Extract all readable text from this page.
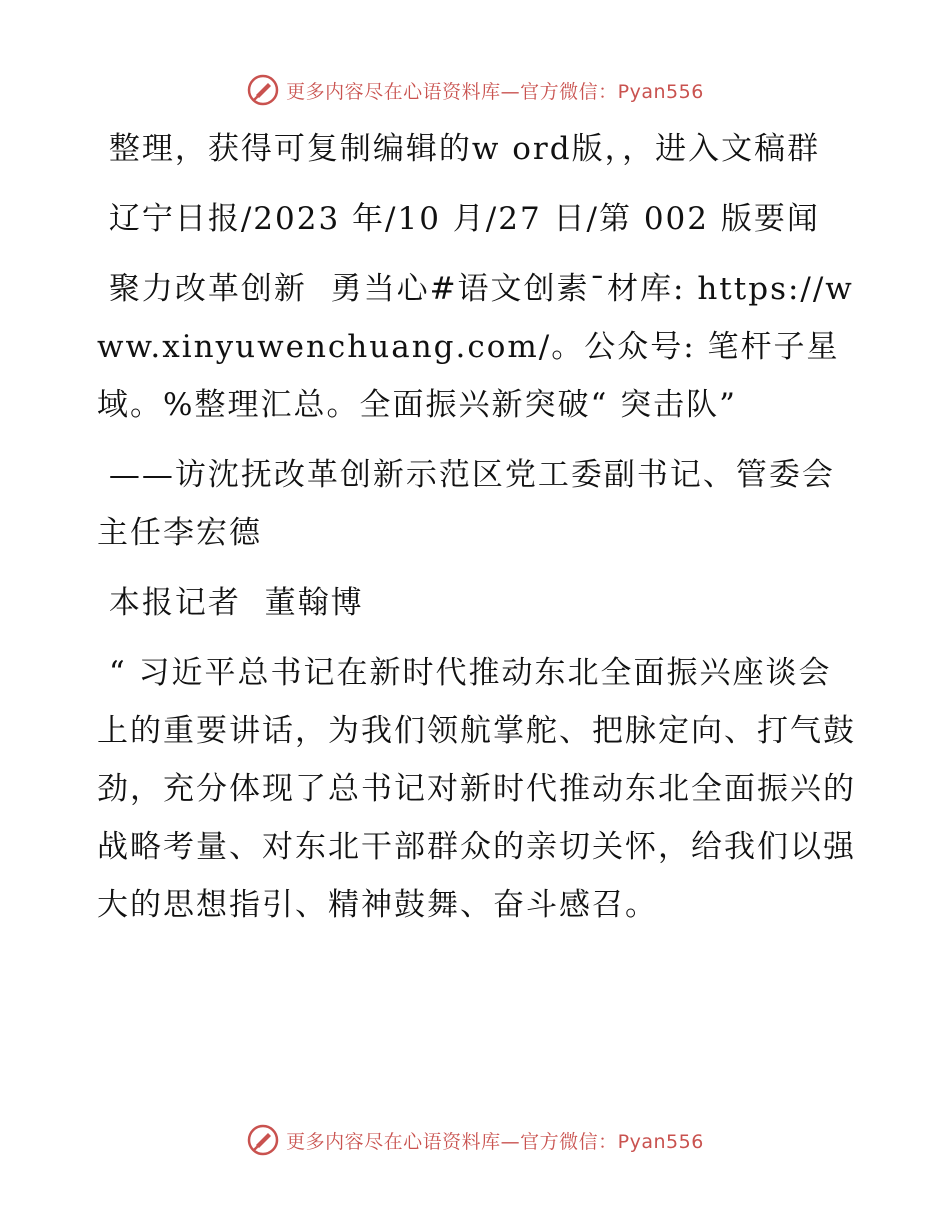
更多内容尽在心语资料库—官方微信：Pyan556

整理，获得可复制编辑的w ord版，，进入文稿群

辽宁日报/2023 年/10 月/27 日/第 002 版要闻

聚力改革创新  勇当心#语文创素¯材库: https://www.xinyuwenchuang.com/。公众号: 笔杆子星域。%整理汇总。全面振兴新突破“ 突击队”

——访沈抚改革创新示范区党工委副书记、管委会主任李宏德

本报记者  董翰博

“ 习近平总书记在新时代推动东北全面振兴座谈会上的重要讲话，为我们领航掌舵、把脉定向、打气鼓劲，充分体现了总书记对新时代推动东北全面振兴的战略考量、对东北干部群众的亲切关怀，给我们以强大的思想指引、精神鼓舞、奋斗感召。

更多内容尽在心语资料库—官方微信：Pyan556
